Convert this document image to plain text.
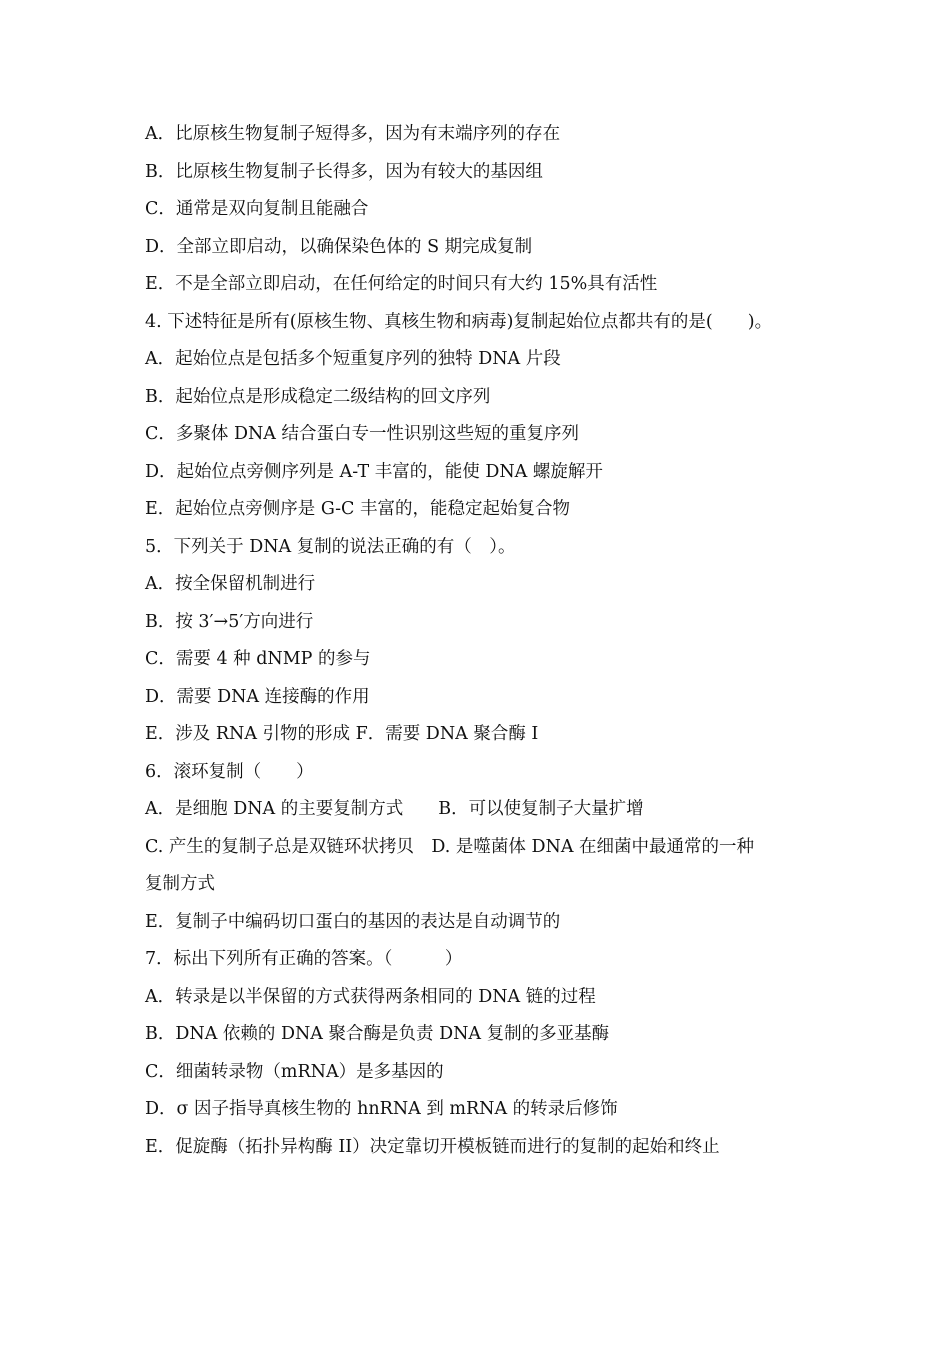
A．比原核生物复制子短得多，因为有末端序列的存在
B．比原核生物复制子长得多，因为有较大的基因组
C．通常是双向复制且能融合
D．全部立即启动，以确保染色体的 S 期完成复制
E．不是全部立即启动，在任何给定的时间只有大约 15%具有活性
4. 下述特征是所有(原核生物、真核生物和病毒)复制起始位点都共有的是(　　)。
A．起始位点是包括多个短重复序列的独特 DNA 片段
B．起始位点是形成稳定二级结构的回文序列
C．多聚体 DNA 结合蛋白专一性识别这些短的重复序列
D．起始位点旁侧序列是 A-T 丰富的，能使 DNA 螺旋解开
E．起始位点旁侧序是 G-C 丰富的，能稳定起始复合物
5．下列关于 DNA 复制的说法正确的有（　）。
A．按全保留机制进行
B．按 3′→5′方向进行
C．需要 4 种 dNMP 的参与
D．需要 DNA 连接酶的作用
E．涉及 RNA 引物的形成 F．需要 DNA 聚合酶 I
6．滚环复制（　　）
A．是细胞 DNA 的主要复制方式　　B．可以使复制子大量扩增
C. 产生的复制子总是双链环状拷贝　D. 是噬菌体 DNA 在细菌中最通常的一种
复制方式
E．复制子中编码切口蛋白的基因的表达是自动调节的
7．标出下列所有正确的答案。（　　　）
A．转录是以半保留的方式获得两条相同的 DNA 链的过程
B．DNA 依赖的 DNA 聚合酶是负责 DNA 复制的多亚基酶
C．细菌转录物（mRNA）是多基因的
D．σ 因子指导真核生物的 hnRNA 到 mRNA 的转录后修饰
E．促旋酶（拓扑异构酶 II）决定靠切开模板链而进行的复制的起始和终止
